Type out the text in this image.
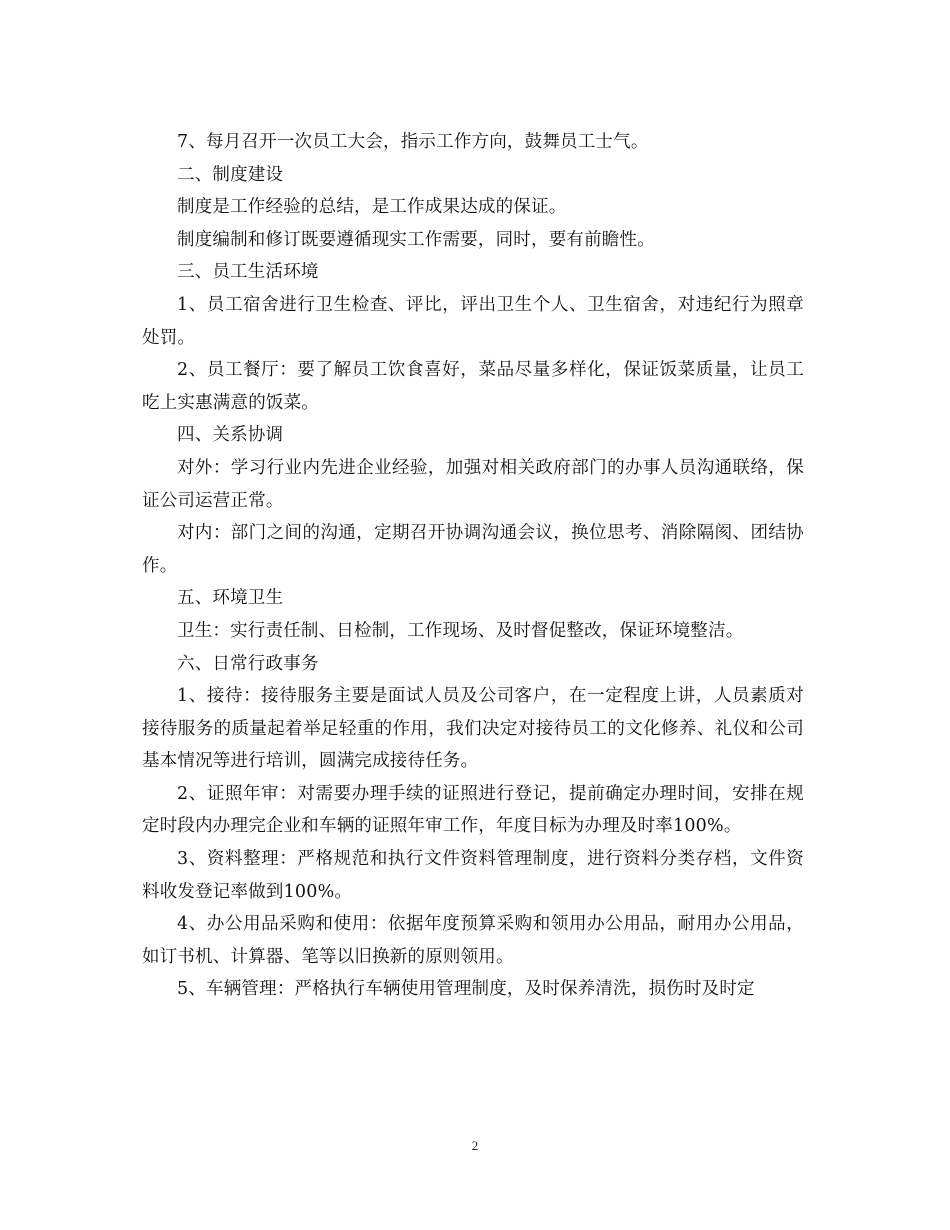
7、每月召开一次员工大会，指示工作方向，鼓舞员工士气。

二、制度建设

制度是工作经验的总结，是工作成果达成的保证。

制度编制和修订既要遵循现实工作需要，同时，要有前瞻性。

三、员工生活环境

1、员工宿舍进行卫生检查、评比，评出卫生个人、卫生宿舍，对违纪行为照章处罚。

2、员工餐厅：要了解员工饮食喜好，菜品尽量多样化，保证饭菜质量，让员工吃上实惠满意的饭菜。

四、关系协调

对外：学习行业内先进企业经验，加强对相关政府部门的办事人员沟通联络，保证公司运营正常。

对内：部门之间的沟通，定期召开协调沟通会议，换位思考、消除隔阂、团结协作。

五、环境卫生

卫生：实行责任制、日检制，工作现场、及时督促整改，保证环境整洁。

六、日常行政事务

1、接待：接待服务主要是面试人员及公司客户，在一定程度上讲，人员素质对接待服务的质量起着举足轻重的作用，我们决定对接待员工的文化修养、礼仪和公司基本情况等进行培训，圆满完成接待任务。

2、证照年审：对需要办理手续的证照进行登记，提前确定办理时间，安排在规定时段内办理完企业和车辆的证照年审工作，年度目标为办理及时率100%。

3、资料整理：严格规范和执行文件资料管理制度，进行资料分类存档，文件资料收发登记率做到100%。

4、办公用品采购和使用：依据年度预算采购和领用办公用品，耐用办公用品，如订书机、计算器、笔等以旧换新的原则领用。

5、车辆管理：严格执行车辆使用管理制度，及时保养清洗，损伤时及时定

2
